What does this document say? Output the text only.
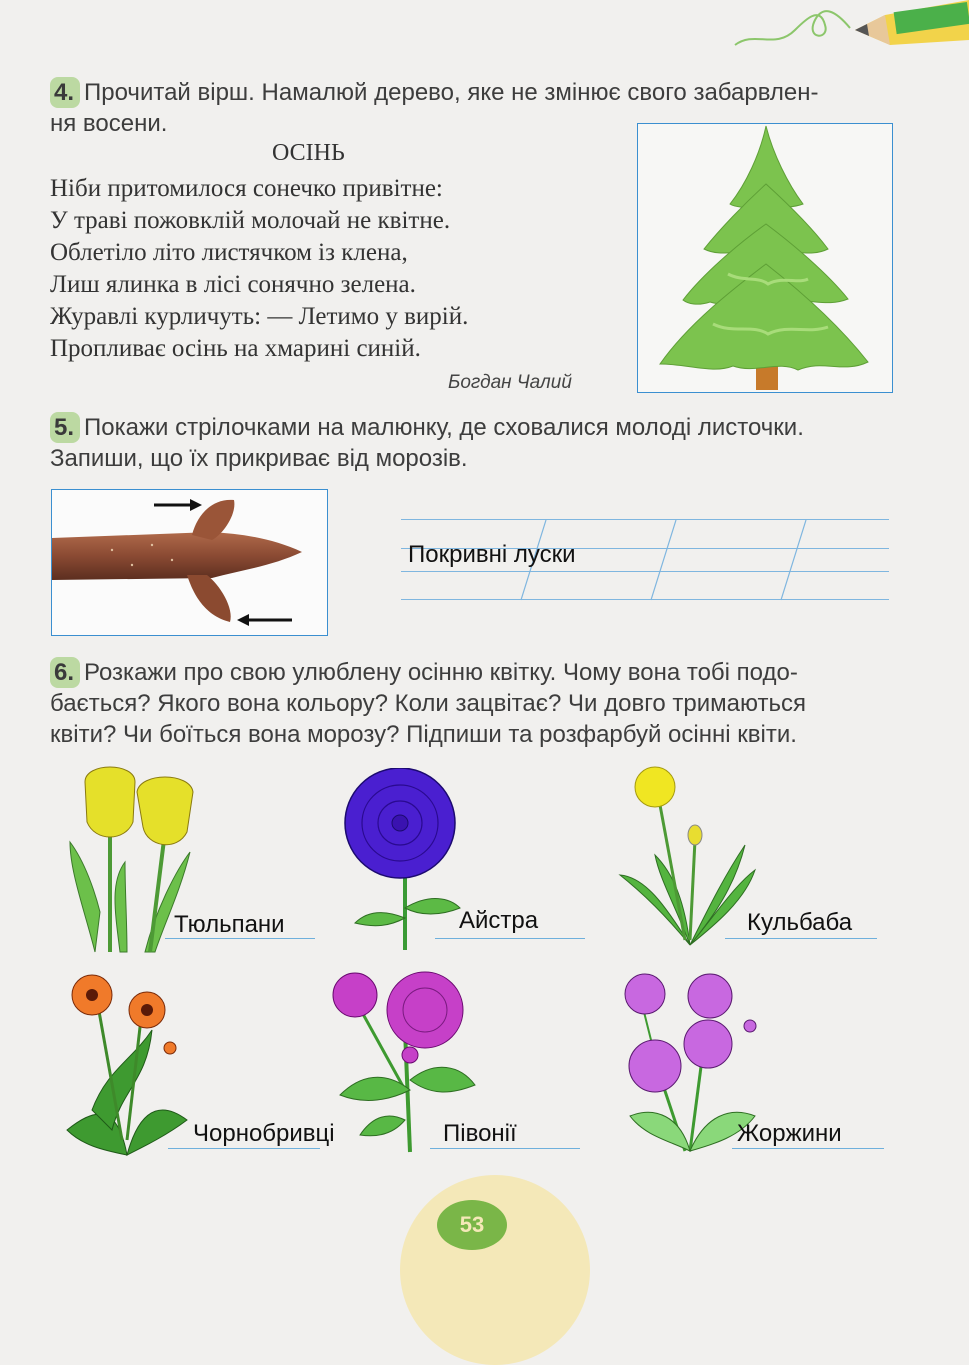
4. Прочитай вірш. Намалюй дерево, яке не змінює свого забарвлен-
ня восени.
ОСІНЬ
Ніби притомилося сонечко привітне:
У траві пожовклій молочай не квітне.
Облетіло літо листячком із клена,
Лиш ялинка в лісі сонячно зелена.
Журавлі курличуть: — Летимо у вирій.
Пропливає осінь на хмарині синій.
Богдан Чалий
5. Покажи стрілочками на малюнку, де сховалися молоді листочки.
Запиши, що їх прикриває від морозів.
Покривні луски
6. Розкажи про свою улюблену осінню квітку. Чому вона тобі подо-
бається? Якого вона кольору? Коли зацвітає? Чи довго тримаються
квіти? Чи боїться вона морозу? Підпиши та розфарбуй осінні квіти.
Тюльпани	Айстра	Кульбаба
Чорнобривці	Півонії	Жоржини
53
